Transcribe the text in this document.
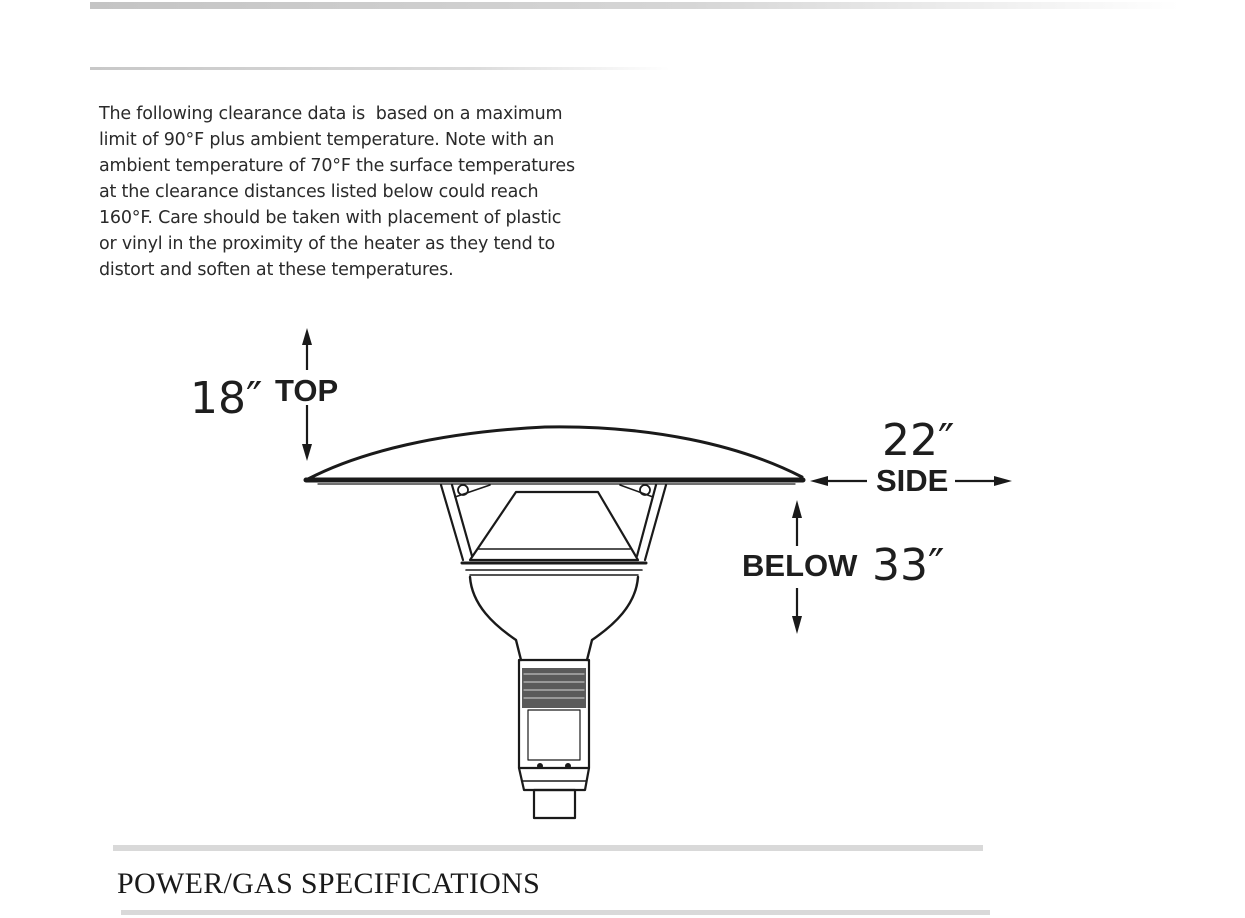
The following clearance data is  based on a maximum
limit of 90°F plus ambient temperature. Note with an
ambient temperature of 70°F the surface temperatures
at the clearance distances listed below could reach
160°F. Care should be taken with placement of plastic
or vinyl in the proximity of the heater as they tend to
distort and soften at these temperatures.

18″ TOP
22″
SIDE
BELOW 33″
POWER/GAS SPECIFICATIONS
